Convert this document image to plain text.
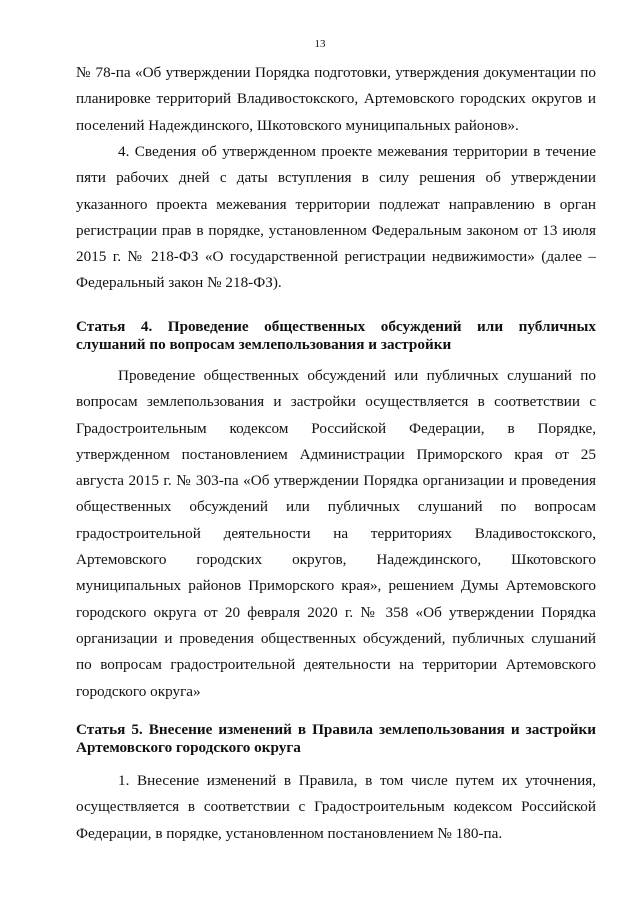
13

№ 78-па «Об утверждении Порядка подготовки, утверждения документации по планировке территорий Владивостокского, Артемовского городских округов и поселений Надеждинского, Шкотовского муниципальных районов».

4. Сведения об утвержденном проекте межевания территории в течение пяти рабочих дней с даты вступления в силу решения об утверждении указанного проекта межевания территории подлежат направлению в орган регистрации прав в порядке, установленном Федеральным законом от 13 июля 2015 г. № 218-ФЗ «О государственной регистрации недвижимости» (далее – Федеральный закон № 218-ФЗ).

Статья 4. Проведение общественных обсуждений или публичных слушаний по вопросам землепользования и застройки

Проведение общественных обсуждений или публичных слушаний по вопросам землепользования и застройки осуществляется в соответствии с Градостроительным кодексом Российской Федерации, в Порядке, утвержденном постановлением Администрации Приморского края от 25 августа 2015 г. № 303-па «Об утверждении Порядка организации и проведения общественных обсуждений или публичных слушаний по вопросам градостроительной деятельности на территориях Владивостокского, Артемовского городских округов, Надеждинского, Шкотовского муниципальных районов Приморского края», решением Думы Артемовского городского округа от 20 февраля 2020 г. № 358 «Об утверждении Порядка организации и проведения общественных обсуждений, публичных слушаний по вопросам градостроительной деятельности на территории Артемовского городского округа»

Статья 5. Внесение изменений в Правила землепользования и застройки Артемовского городского округа

1. Внесение изменений в Правила, в том числе путем их уточнения, осуществляется в соответствии с Градостроительным кодексом Российской Федерации, в порядке, установленном постановлением № 180-па.
